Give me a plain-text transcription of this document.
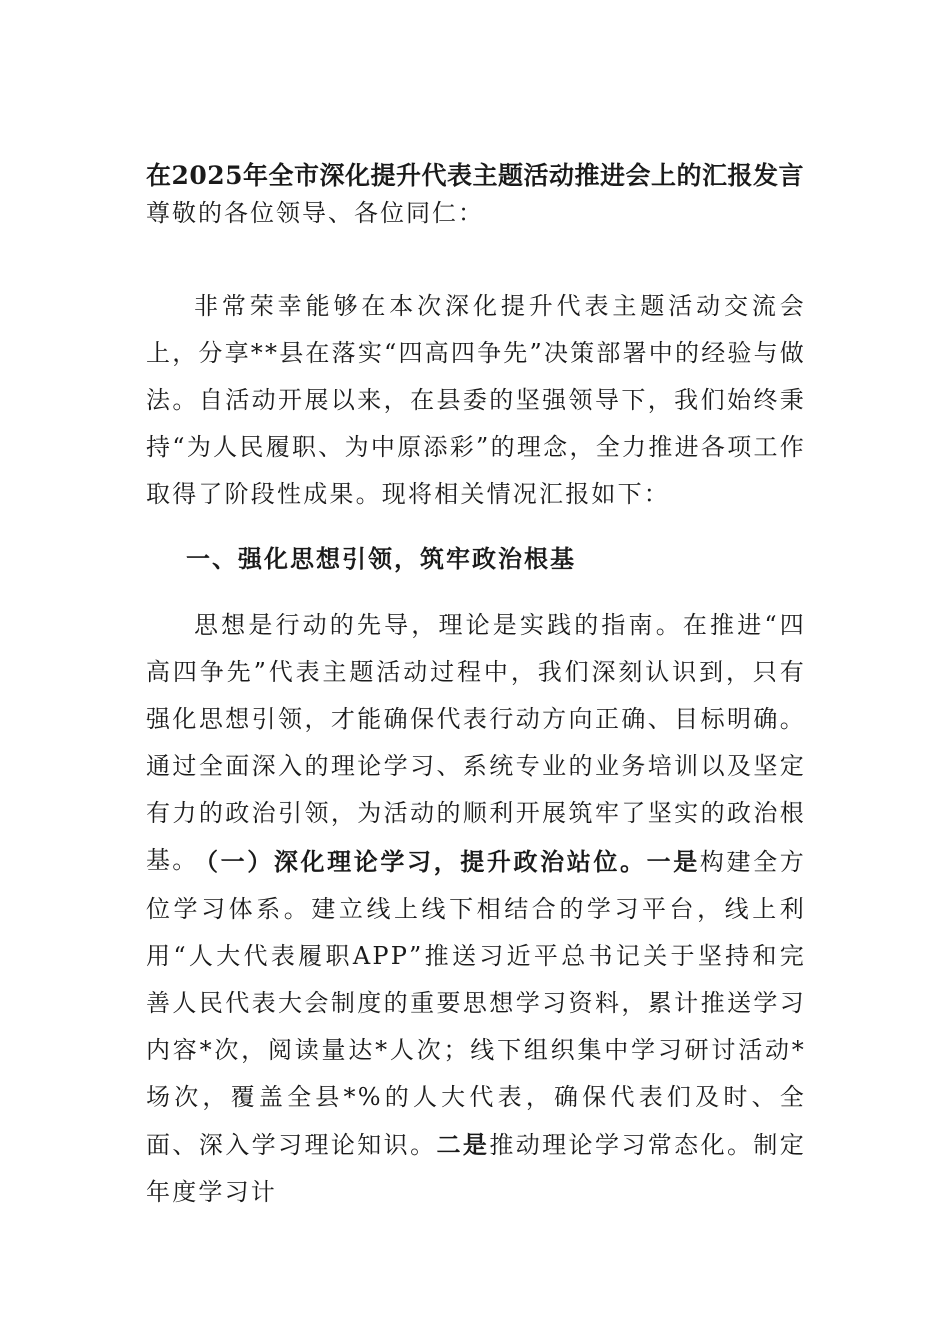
在2025年全市深化提升代表主题活动推进会上的汇报发言
尊敬的各位领导、各位同仁：

非常荣幸能够在本次深化提升代表主题活动交流会上，分享**县在落实“四高四争先”决策部署中的经验与做法。自活动开展以来，在县委的坚强领导下，我们始终秉持“为人民履职、为中原添彩”的理念，全力推进各项工作取得了阶段性成果。现将相关情况汇报如下：

一、强化思想引领，筑牢政治根基

思想是行动的先导，理论是实践的指南。在推进“四高四争先”代表主题活动过程中，我们深刻认识到，只有强化思想引领，才能确保代表行动方向正确、目标明确。通过全面深入的理论学习、系统专业的业务培训以及坚定有力的政治引领，为活动的顺利开展筑牢了坚实的政治根基。

（一）深化理论学习，提升政治站位。一是构建全方位学习体系。建立线上线下相结合的学习平台，线上利用“人大代表履职APP”推送习近平总书记关于坚持和完善人民代表大会制度的重要思想学习资料，累计推送学习内容*次，阅读量达*人次；线下组织集中学习研讨活动*场次，覆盖全县*%的人大代表，确保代表们及时、全面、深入学习理论知识。二是推动理论学习常态化。制定年度学习计
